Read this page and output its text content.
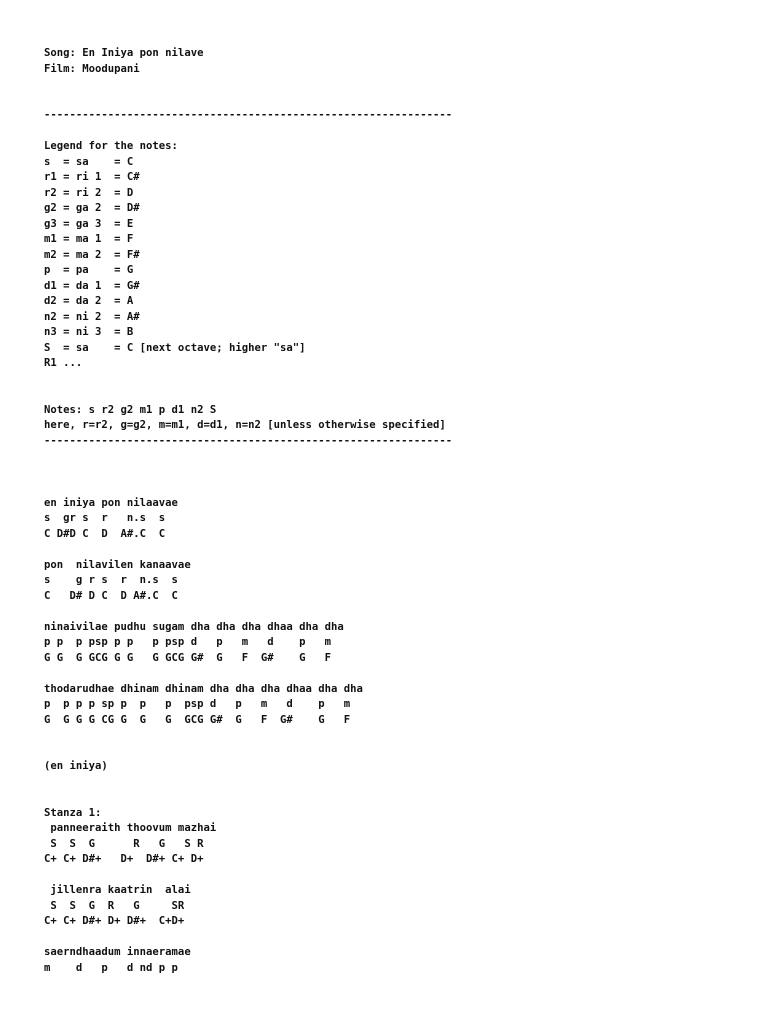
Song: En Iniya pon nilave
Film: Moodupani
----------------------------------------------------------------
Legend for the notes:
s  = sa    = C
r1 = ri 1  = C#
r2 = ri 2  = D
g2 = ga 2  = D#
g3 = ga 3  = E
m1 = ma 1  = F
m2 = ma 2  = F#
p  = pa    = G
d1 = da 1  = G#
d2 = da 2  = A
n2 = ni 2  = A#
n3 = ni 3  = B
S  = sa    = C [next octave; higher "sa"]
R1 ...
Notes: s r2 g2 m1 p d1 n2 S
here, r=r2, g=g2, m=m1, d=d1, n=n2 [unless otherwise specified]
----------------------------------------------------------------
en iniya pon nilaavae
s  gr s  r   n.s  s
C D#D C  D  A#.C  C
pon  nilavilen kanaavae
s    g r s  r  n.s  s
C   D# D C  D A#.C  C
ninaivilae pudhu sugam dha dha dha dhaa dha dha
p p  p psp p p   p psp d   p   m   d    p   m
G G  G GCG G G   G GCG G#  G   F  G#    G   F
thodarudhae dhinam dhinam dha dha dha dhaa dha dha
p  p p p sp p  p   p  psp d   p   m   d    p   m
G  G G G CG G  G   G  GCG G#  G   F  G#    G   F
(en iniya)
Stanza 1:
panneeraith thoovum mazhai
S  S  G      R   G   S R
C+ C+ D#+   D+  D#+ C+ D+
jillenra kaatrin  alai
S  S  G  R   G     SR
C+ C+ D#+ D+ D#+  C+D+
saerndhaadum innaeramae
m    d   p   d nd p p
